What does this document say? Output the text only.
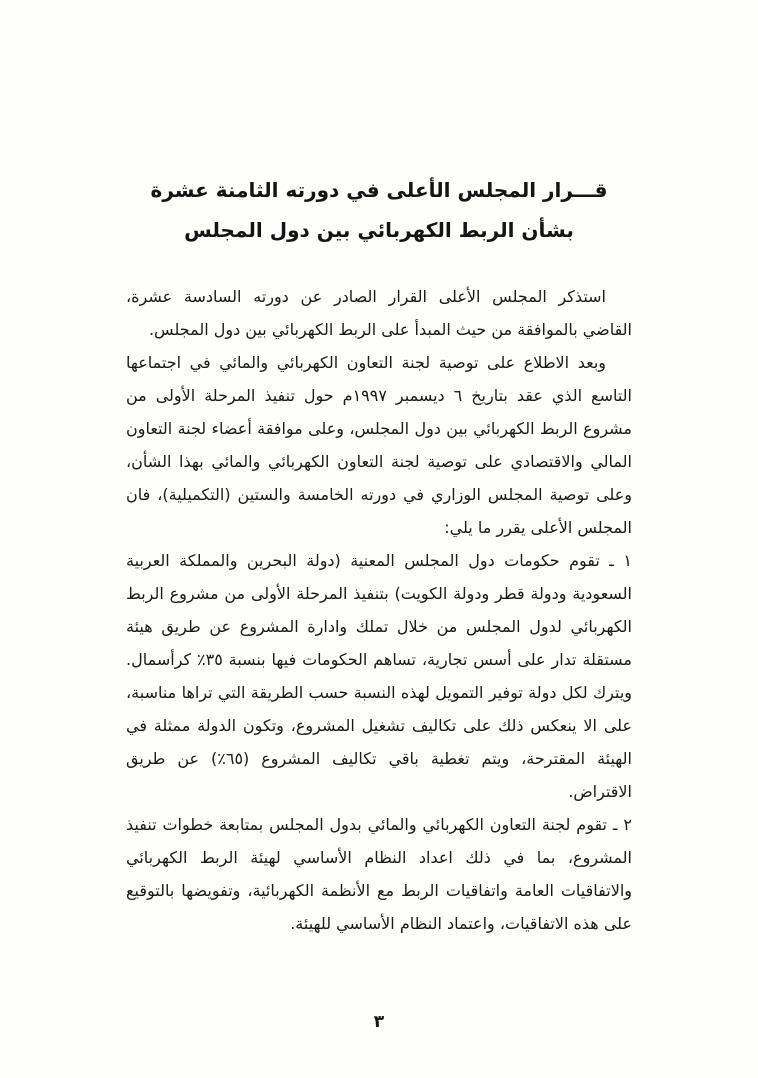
قـــرار المجلس الأعلى في دورته الثامنة عشرة
بشأن الربط الكهربائي بين دول المجلس

استذكر المجلس الأعلى القرار الصادر عن دورته السادسة عشرة، القاضي بالموافقة من حيث المبدأ على الربط الكهربائي بين دول المجلس.

وبعد الاطلاع على توصية لجنة التعاون الكهربائي والمائي في اجتماعها التاسع الذي عقد بتاريخ ٦ ديسمبر ١٩٩٧م حول تنفيذ المرحلة الأولى من مشروع الربط الكهربائي بين دول المجلس، وعلى موافقة أعضاء لجنة التعاون المالي والاقتصادي على توصية لجنة التعاون الكهربائي والمائي بهذا الشأن، وعلى توصية المجلس الوزاري في دورته الخامسة والستين (التكميلية)، فان المجلس الأعلى يقرر ما يلي:

١ ـ تقوم حكومات دول المجلس المعنية (دولة البحرين والمملكة العربية السعودية ودولة قطر ودولة الكويت) بتنفيذ المرحلة الأولى من مشروع الربط الكهربائي لدول المجلس من خلال تملك وادارة المشروع عن طريق هيئة مستقلة تدار على أسس تجارية، تساهم الحكومات فيها بنسبة ٣٥٪ كرأسمال. ويترك لكل دولة توفير التمويل لهذه النسبة حسب الطريقة التي تراها مناسبة، على الا ينعكس ذلك على تكاليف تشغيل المشروع، وتكون الدولة ممثلة في الهيئة المقترحة، ويتم تغطية باقي تكاليف المشروع (٦٥٪) عن طريق الاقتراض.

٢ ـ تقوم لجنة التعاون الكهربائي والمائي بدول المجلس بمتابعة خطوات تنفيذ المشروع، بما في ذلك اعداد النظام الأساسي لهيئة الربط الكهربائي والاتفاقيات العامة واتفاقيات الربط مع الأنظمة الكهربائية، وتفويضها بالتوقيع على هذه الاتفاقيات، واعتماد النظام الأساسي للهيئة.

٣
